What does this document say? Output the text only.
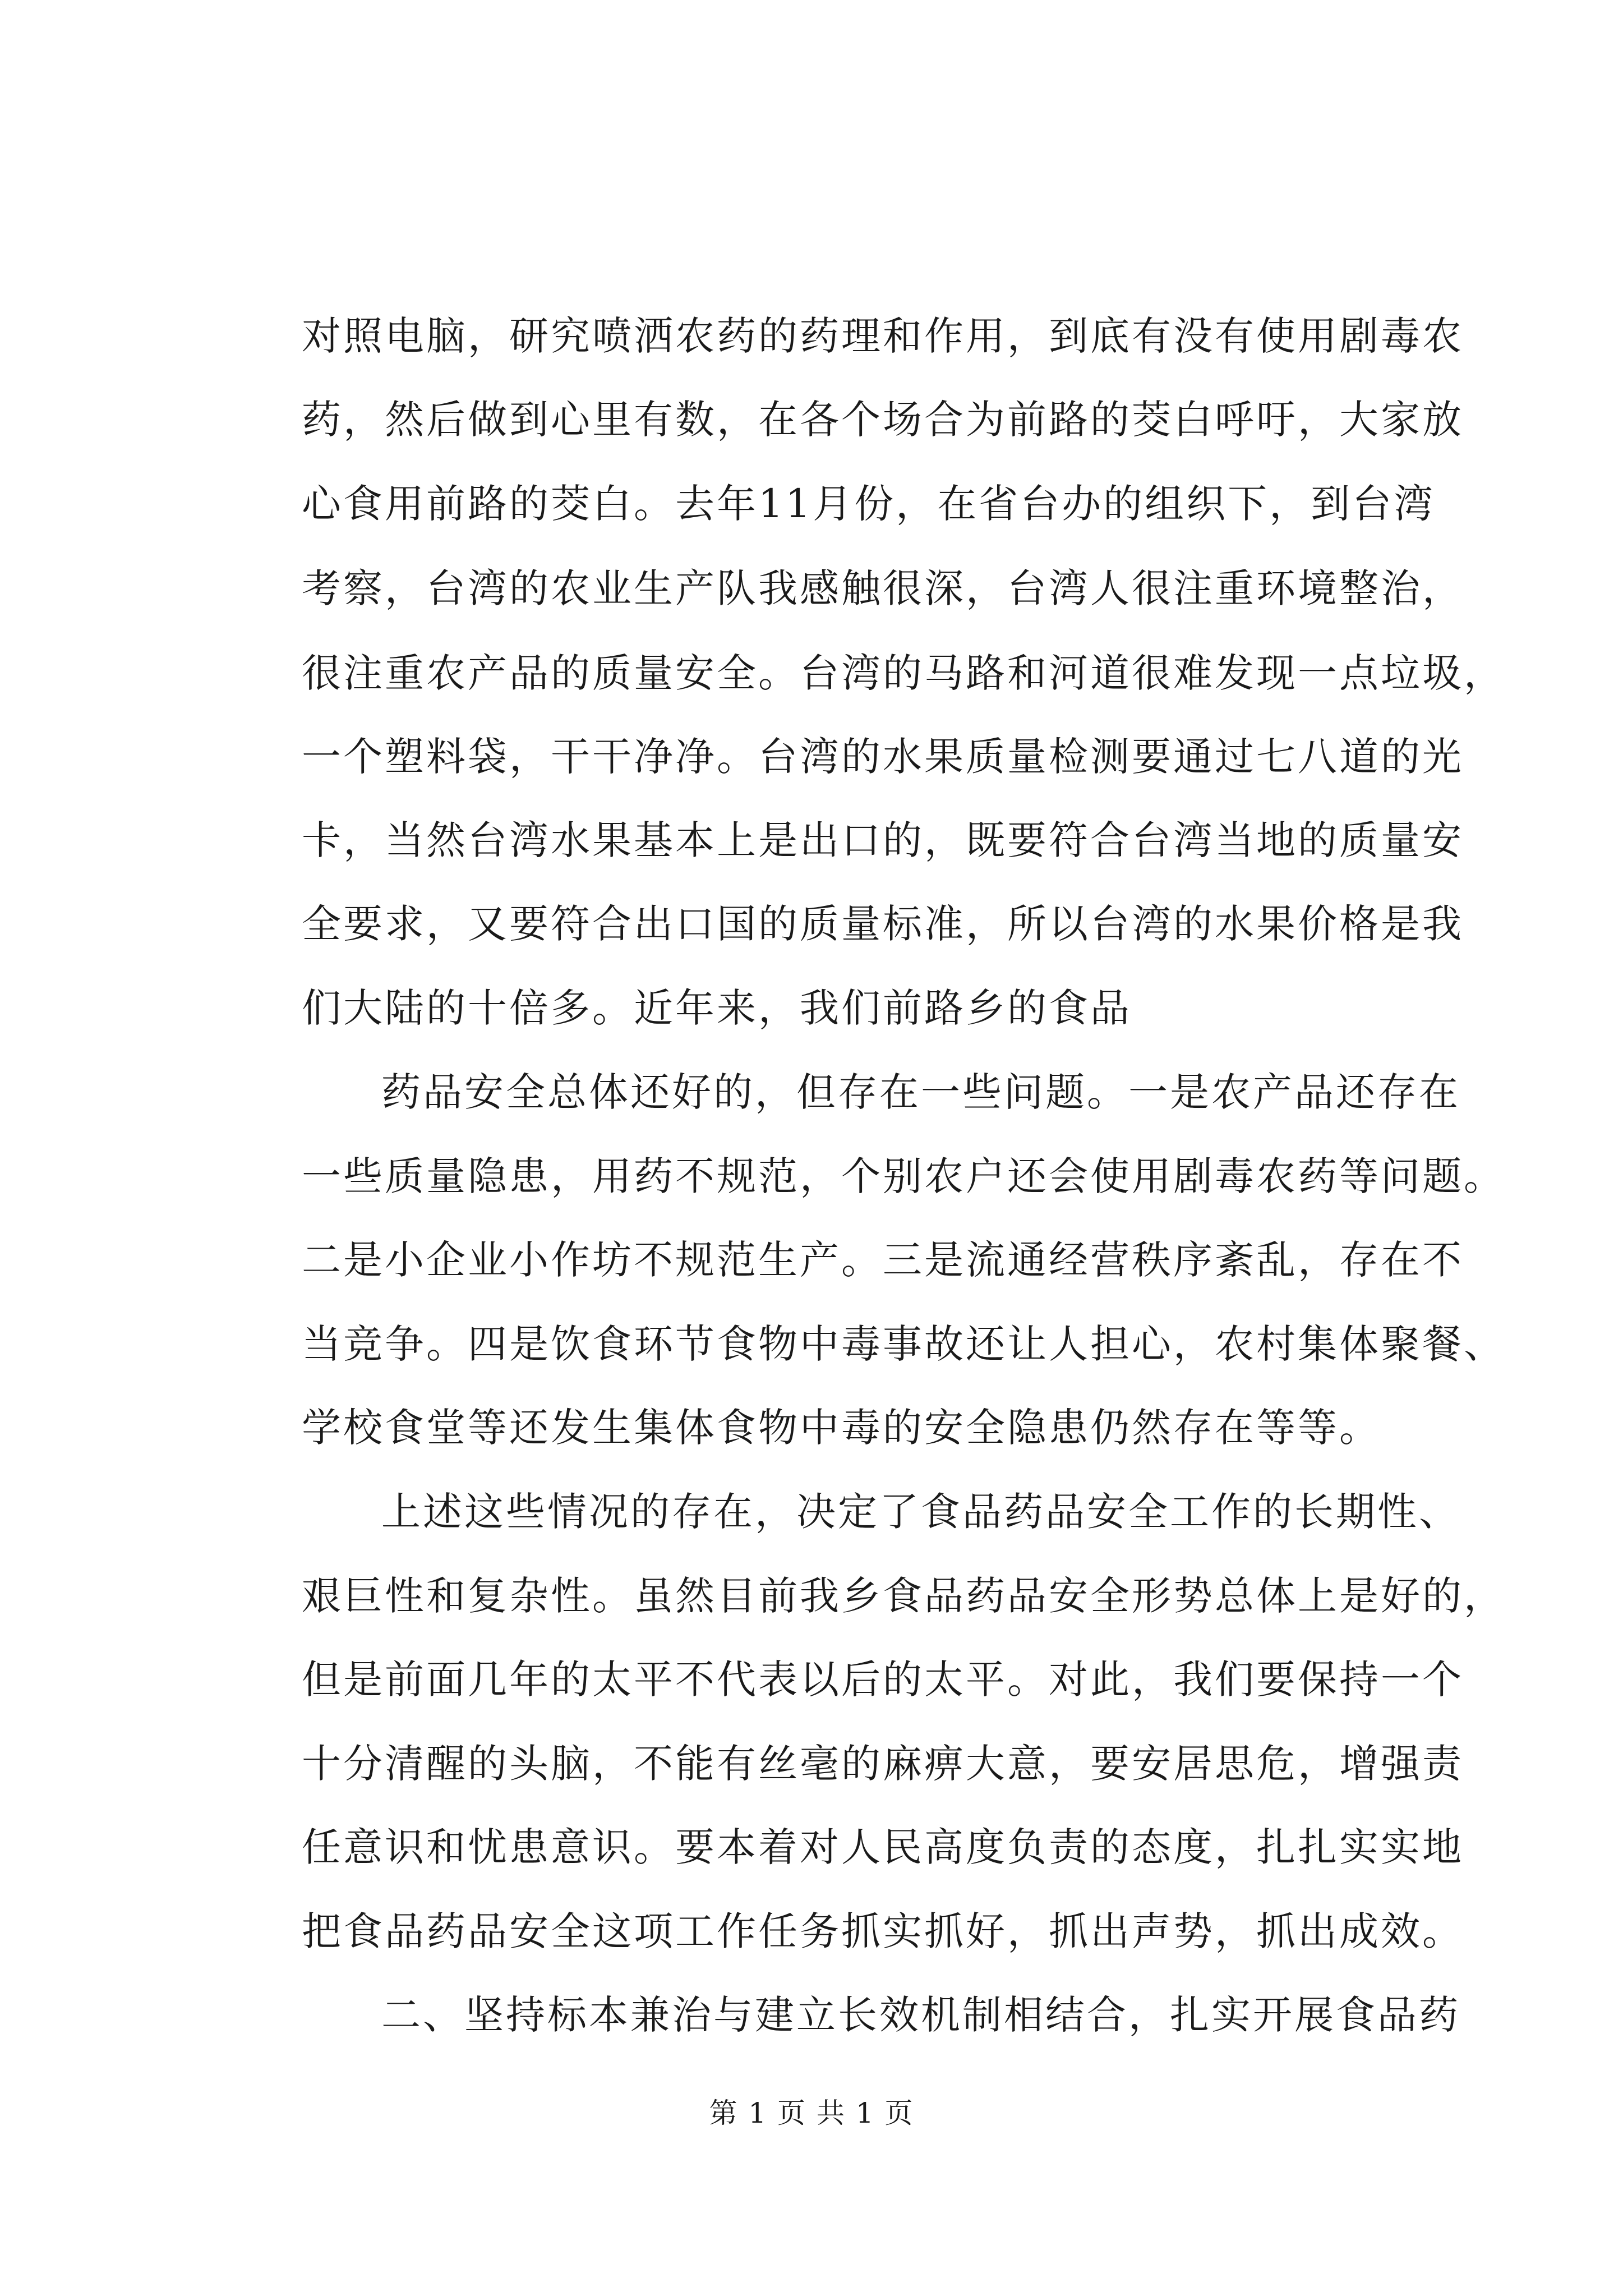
对照电脑，研究喷洒农药的药理和作用，到底有没有使用剧毒农
药，然后做到心里有数，在各个场合为前路的茭白呼吁，大家放
心食用前路的茭白。去年11月份，在省台办的组织下，到台湾
考察，台湾的农业生产队我感触很深，台湾人很注重环境整治，
很注重农产品的质量安全。台湾的马路和河道很难发现一点垃圾，
一个塑料袋，干干净净。台湾的水果质量检测要通过七八道的光
卡，当然台湾水果基本上是出口的，既要符合台湾当地的质量安
全要求，又要符合出口国的质量标准，所以台湾的水果价格是我
们大陆的十倍多。近年来，我们前路乡的食品
药品安全总体还好的，但存在一些问题。一是农产品还存在
一些质量隐患，用药不规范，个别农户还会使用剧毒农药等问题。
二是小企业小作坊不规范生产。三是流通经营秩序紊乱，存在不
当竞争。四是饮食环节食物中毒事故还让人担心，农村集体聚餐、
学校食堂等还发生集体食物中毒的安全隐患仍然存在等等。
上述这些情况的存在，决定了食品药品安全工作的长期性、
艰巨性和复杂性。虽然目前我乡食品药品安全形势总体上是好的，
但是前面几年的太平不代表以后的太平。对此，我们要保持一个
十分清醒的头脑，不能有丝毫的麻痹大意，要安居思危，增强责
任意识和忧患意识。要本着对人民高度负责的态度，扎扎实实地
把食品药品安全这项工作任务抓实抓好，抓出声势，抓出成效。
二、坚持标本兼治与建立长效机制相结合，扎实开展食品药
第 1 页 共 1 页
